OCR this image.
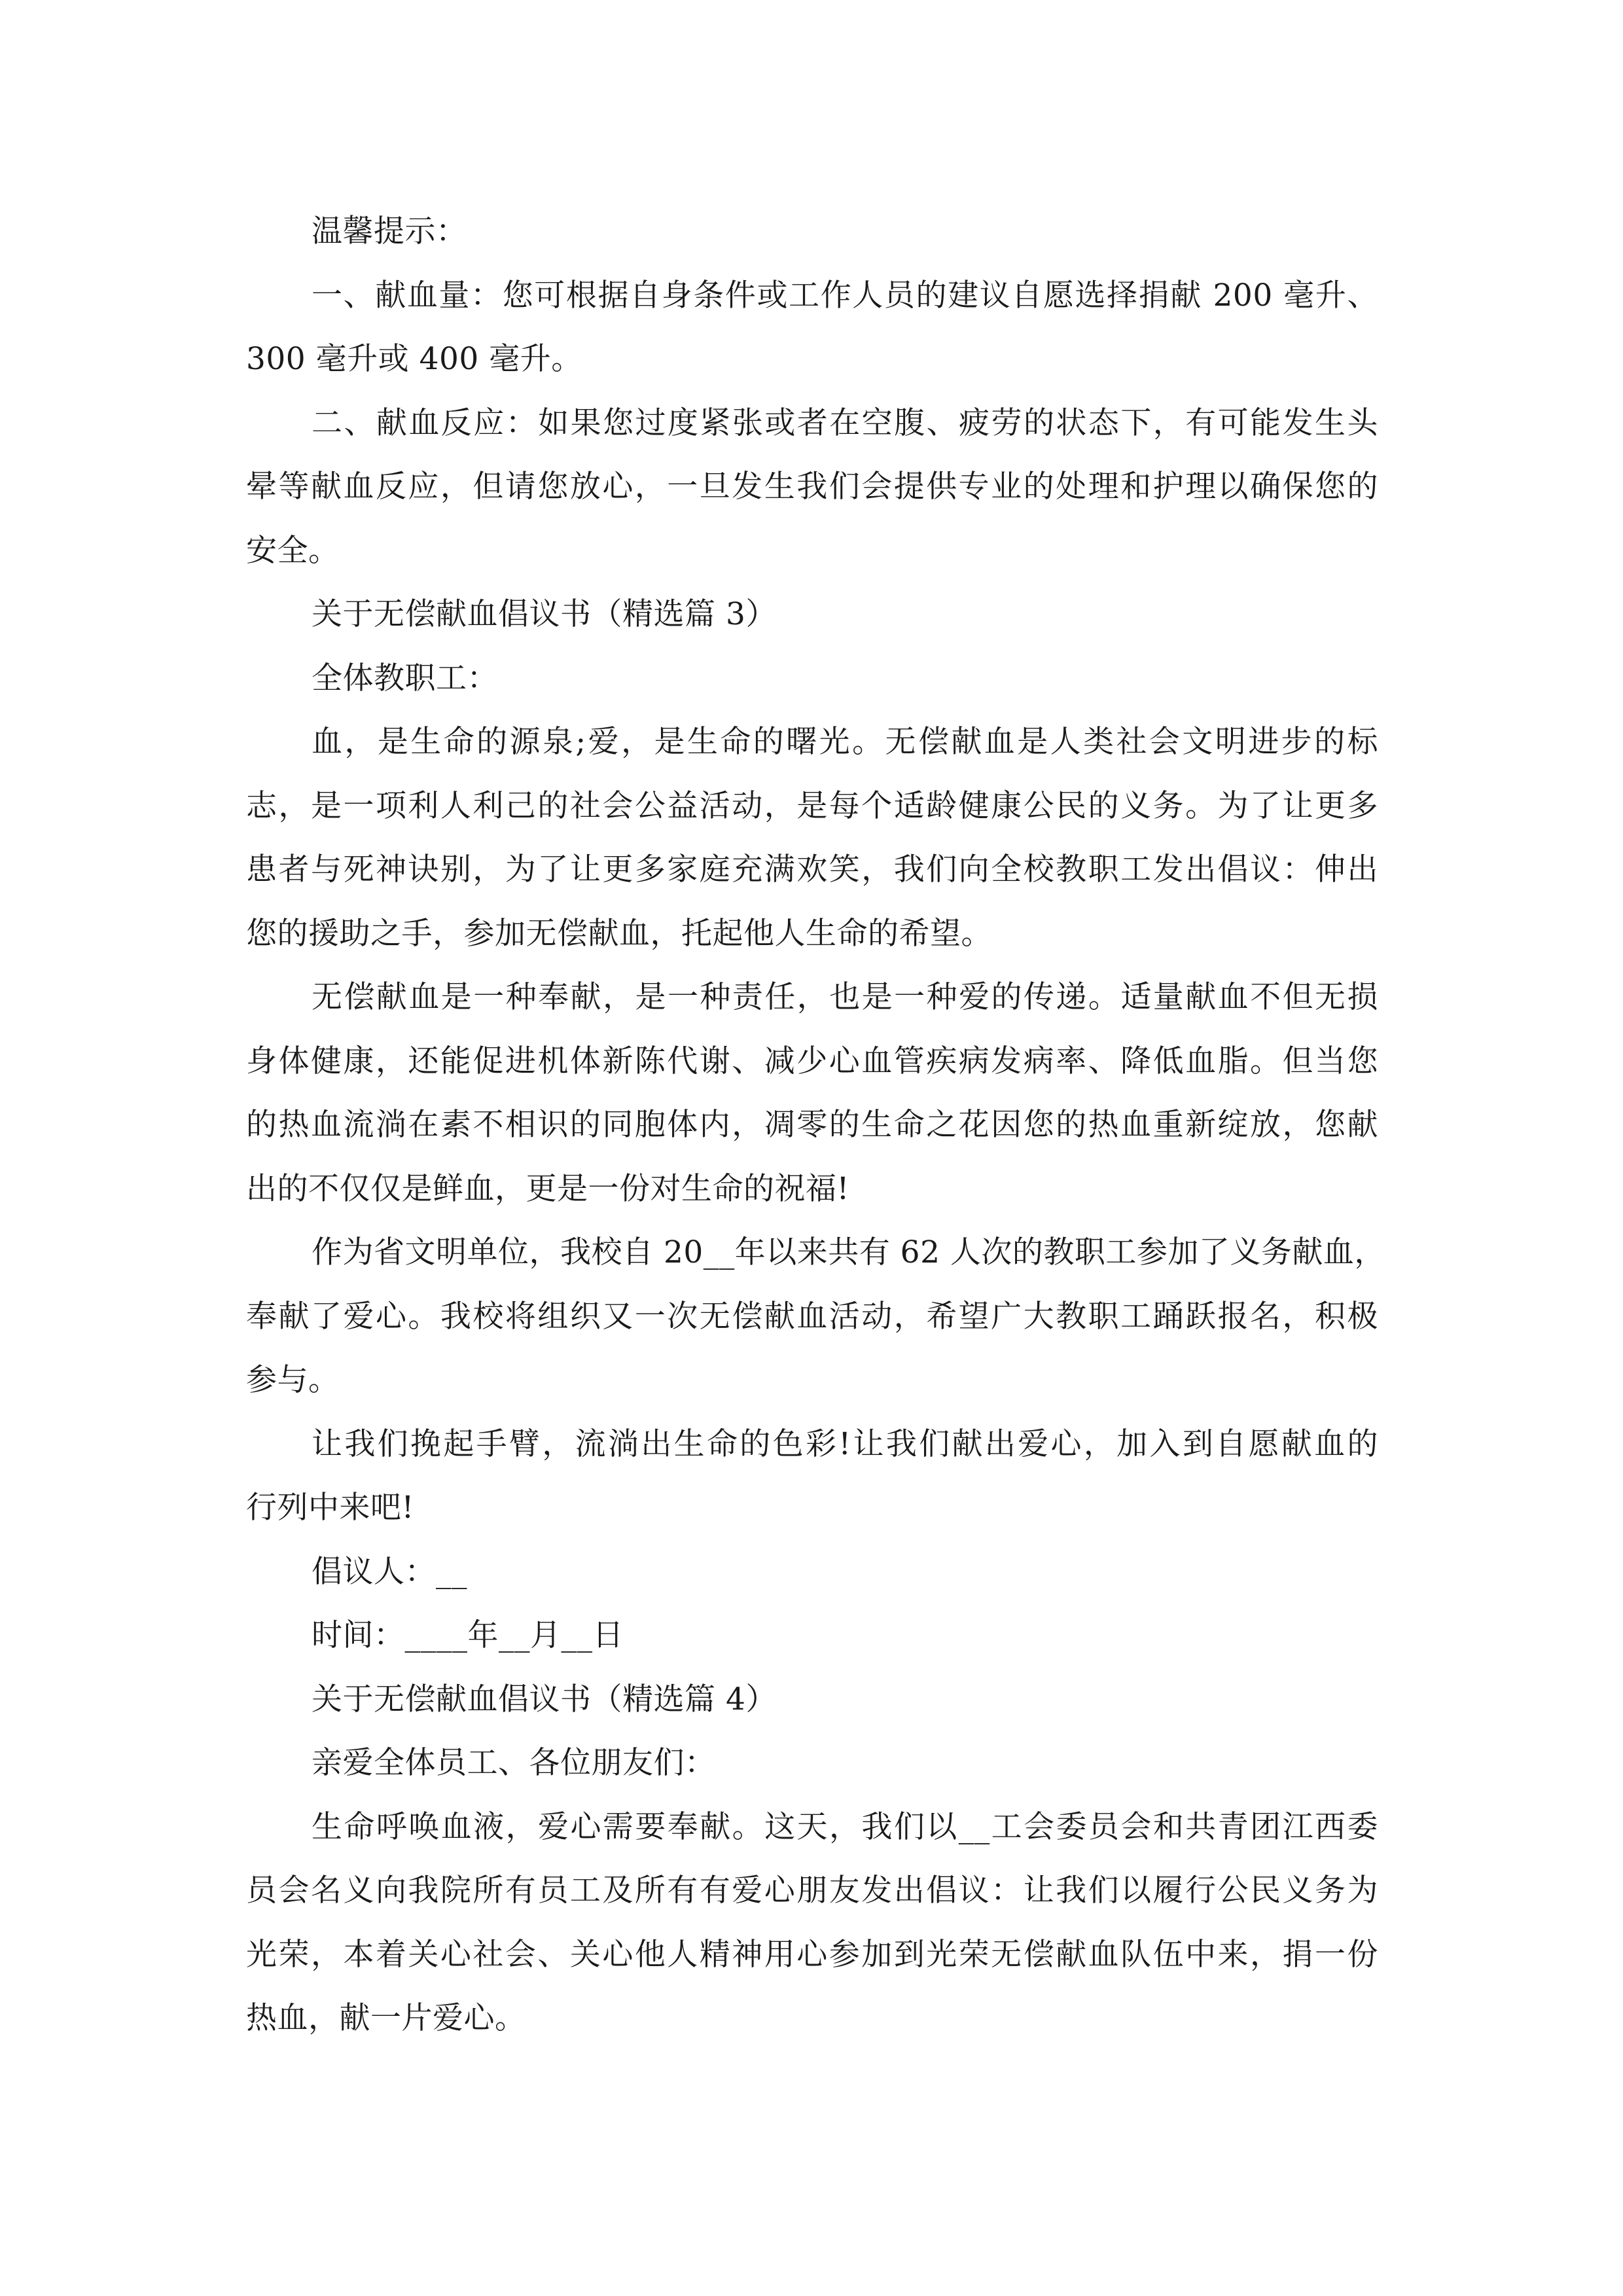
温馨提示：
一、献血量：您可根据自身条件或工作人员的建议自愿选择捐献 200 毫升、
300 毫升或 400 毫升。
二、献血反应：如果您过度紧张或者在空腹、疲劳的状态下，有可能发生头
晕等献血反应，但请您放心，一旦发生我们会提供专业的处理和护理以确保您的
安全。
关于无偿献血倡议书（精选篇 3）
全体教职工：
血，是生命的源泉;爱，是生命的曙光。无偿献血是人类社会文明进步的标
志，是一项利人利己的社会公益活动，是每个适龄健康公民的义务。为了让更多
患者与死神诀别，为了让更多家庭充满欢笑，我们向全校教职工发出倡议：伸出
您的援助之手，参加无偿献血，托起他人生命的希望。
无偿献血是一种奉献，是一种责任，也是一种爱的传递。适量献血不但无损
身体健康，还能促进机体新陈代谢、减少心血管疾病发病率、降低血脂。但当您
的热血流淌在素不相识的同胞体内，凋零的生命之花因您的热血重新绽放，您献
出的不仅仅是鲜血，更是一份对生命的祝福!
作为省文明单位，我校自 20__年以来共有 62 人次的教职工参加了义务献血，
奉献了爱心。我校将组织又一次无偿献血活动，希望广大教职工踊跃报名，积极
参与。
让我们挽起手臂，流淌出生命的色彩!让我们献出爱心，加入到自愿献血的
行列中来吧!
倡议人：__
时间：____年__月__日
关于无偿献血倡议书（精选篇 4）
亲爱全体员工、各位朋友们：
生命呼唤血液，爱心需要奉献。这天，我们以__工会委员会和共青团江西委
员会名义向我院所有员工及所有有爱心朋友发出倡议：让我们以履行公民义务为
光荣，本着关心社会、关心他人精神用心参加到光荣无偿献血队伍中来，捐一份
热血，献一片爱心。
